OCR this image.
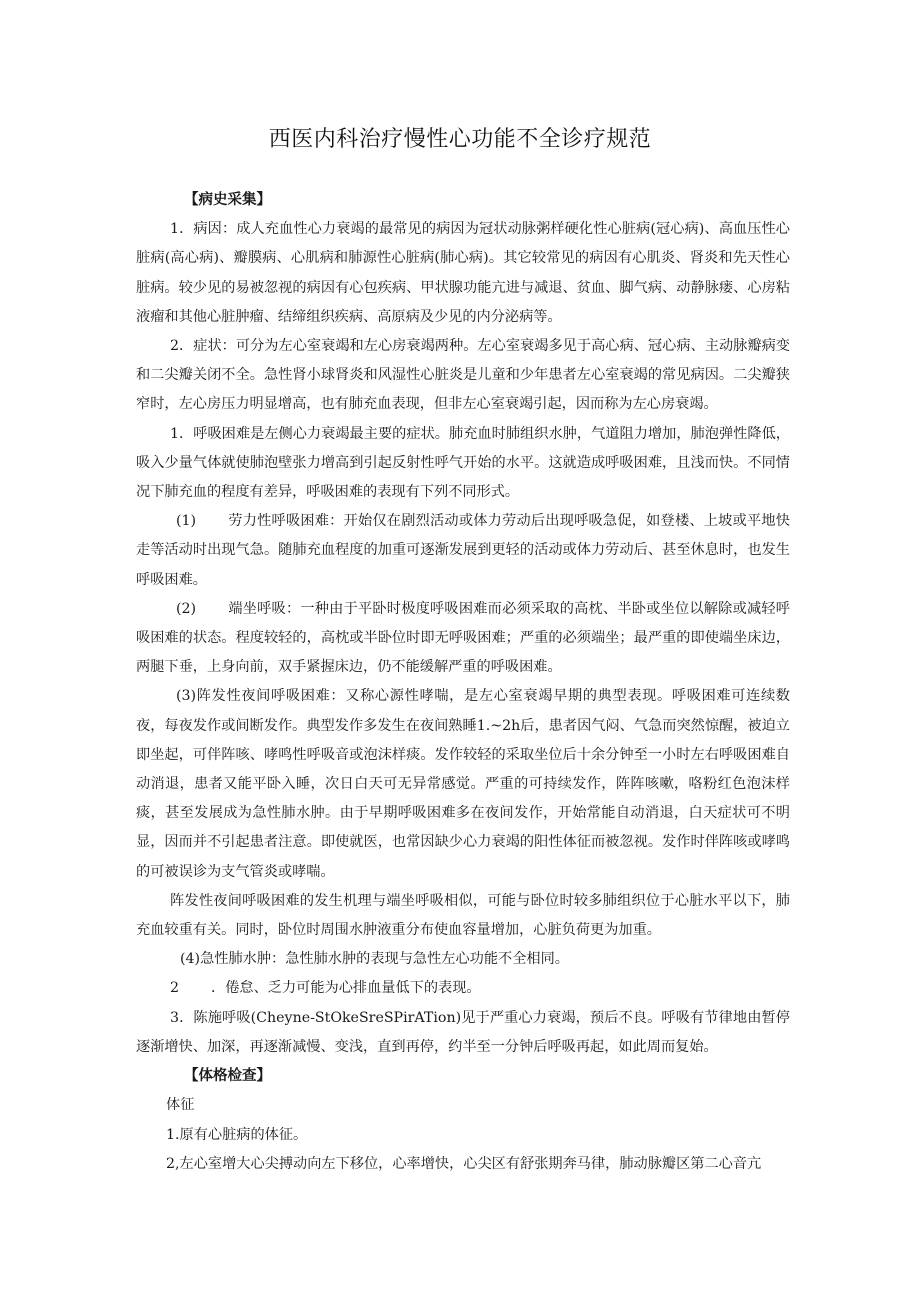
西医内科治疗慢性心功能不全诊疗规范

【病史采集】

1．病因：成人充血性心力衰竭的最常见的病因为冠状动脉粥样硬化性心脏病(冠心病)、高血压性心脏病(高心病)、瓣膜病、心肌病和肺源性心脏病(肺心病)。其它较常见的病因有心肌炎、肾炎和先天性心脏病。较少见的易被忽视的病因有心包疾病、甲状腺功能亢进与减退、贫血、脚气病、动静脉瘘、心房粘液瘤和其他心脏肿瘤、结缔组织疾病、高原病及少见的内分泌病等。

2．症状：可分为左心室衰竭和左心房衰竭两种。左心室衰竭多见于高心病、冠心病、主动脉瓣病变和二尖瓣关闭不全。急性肾小球肾炎和风湿性心脏炎是儿童和少年患者左心室衰竭的常见病因。二尖瓣狭窄时，左心房压力明显增高，也有肺充血表现，但非左心室衰竭引起，因而称为左心房衰竭。

1．呼吸困难是左侧心力衰竭最主要的症状。肺充血时肺组织水肿，气道阻力增加，肺泡弹性降低，吸入少量气体就使肺泡壁张力增高到引起反射性呼气开始的水平。这就造成呼吸困难，且浅而快。不同情况下肺充血的程度有差异，呼吸困难的表现有下列不同形式。

(1) 劳力性呼吸困难：开始仅在剧烈活动或体力劳动后出现呼吸急促，如登楼、上坡或平地快走等活动时出现气急。随肺充血程度的加重可逐渐发展到更轻的活动或体力劳动后、甚至休息时，也发生呼吸困难。

(2) 端坐呼吸：一种由于平卧时极度呼吸困难而必须采取的高枕、半卧或坐位以解除或减轻呼吸困难的状态。程度较轻的，高枕或半卧位时即无呼吸困难；严重的必须端坐；最严重的即使端坐床边，两腿下垂，上身向前，双手紧握床边，仍不能缓解严重的呼吸困难。

(3)阵发性夜间呼吸困难：又称心源性哮喘，是左心室衰竭早期的典型表现。呼吸困难可连续数夜，每夜发作或间断发作。典型发作多发生在夜间熟睡1.~2h后，患者因气闷、气急而突然惊醒，被迫立即坐起，可伴阵咳、哮鸣性呼吸音或泡沫样痰。发作较轻的采取坐位后十余分钟至一小时左右呼吸困难自动消退，患者又能平卧入睡，次日白天可无异常感觉。严重的可持续发作，阵阵咳嗽，咯粉红色泡沫样痰，甚至发展成为急性肺水肿。由于早期呼吸困难多在夜间发作，开始常能自动消退，白天症状可不明显，因而并不引起患者注意。即使就医，也常因缺少心力衰竭的阳性体征而被忽视。发作时伴阵咳或哮鸣的可被误诊为支气管炎或哮喘。

阵发性夜间呼吸困难的发生机理与端坐呼吸相似，可能与卧位时较多肺组织位于心脏水平以下，肺充血较重有关。同时，卧位时周围水肿液重分布使血容量增加，心脏负荷更为加重。

(4)急性肺水肿：急性肺水肿的表现与急性左心功能不全相同。

2 ．倦怠、乏力可能为心排血量低下的表现。

3．陈施呼吸(Cheyne-StOkeSreSPirATion)见于严重心力衰竭，预后不良。呼吸有节律地由暂停逐渐增快、加深，再逐渐减慢、变浅，直到再停，约半至一分钟后呼吸再起，如此周而复始。

【体格检查】

体征

1.原有心脏病的体征。

2,左心室增大心尖搏动向左下移位，心率增快，心尖区有舒张期奔马律，肺动脉瓣区第二心音亢
